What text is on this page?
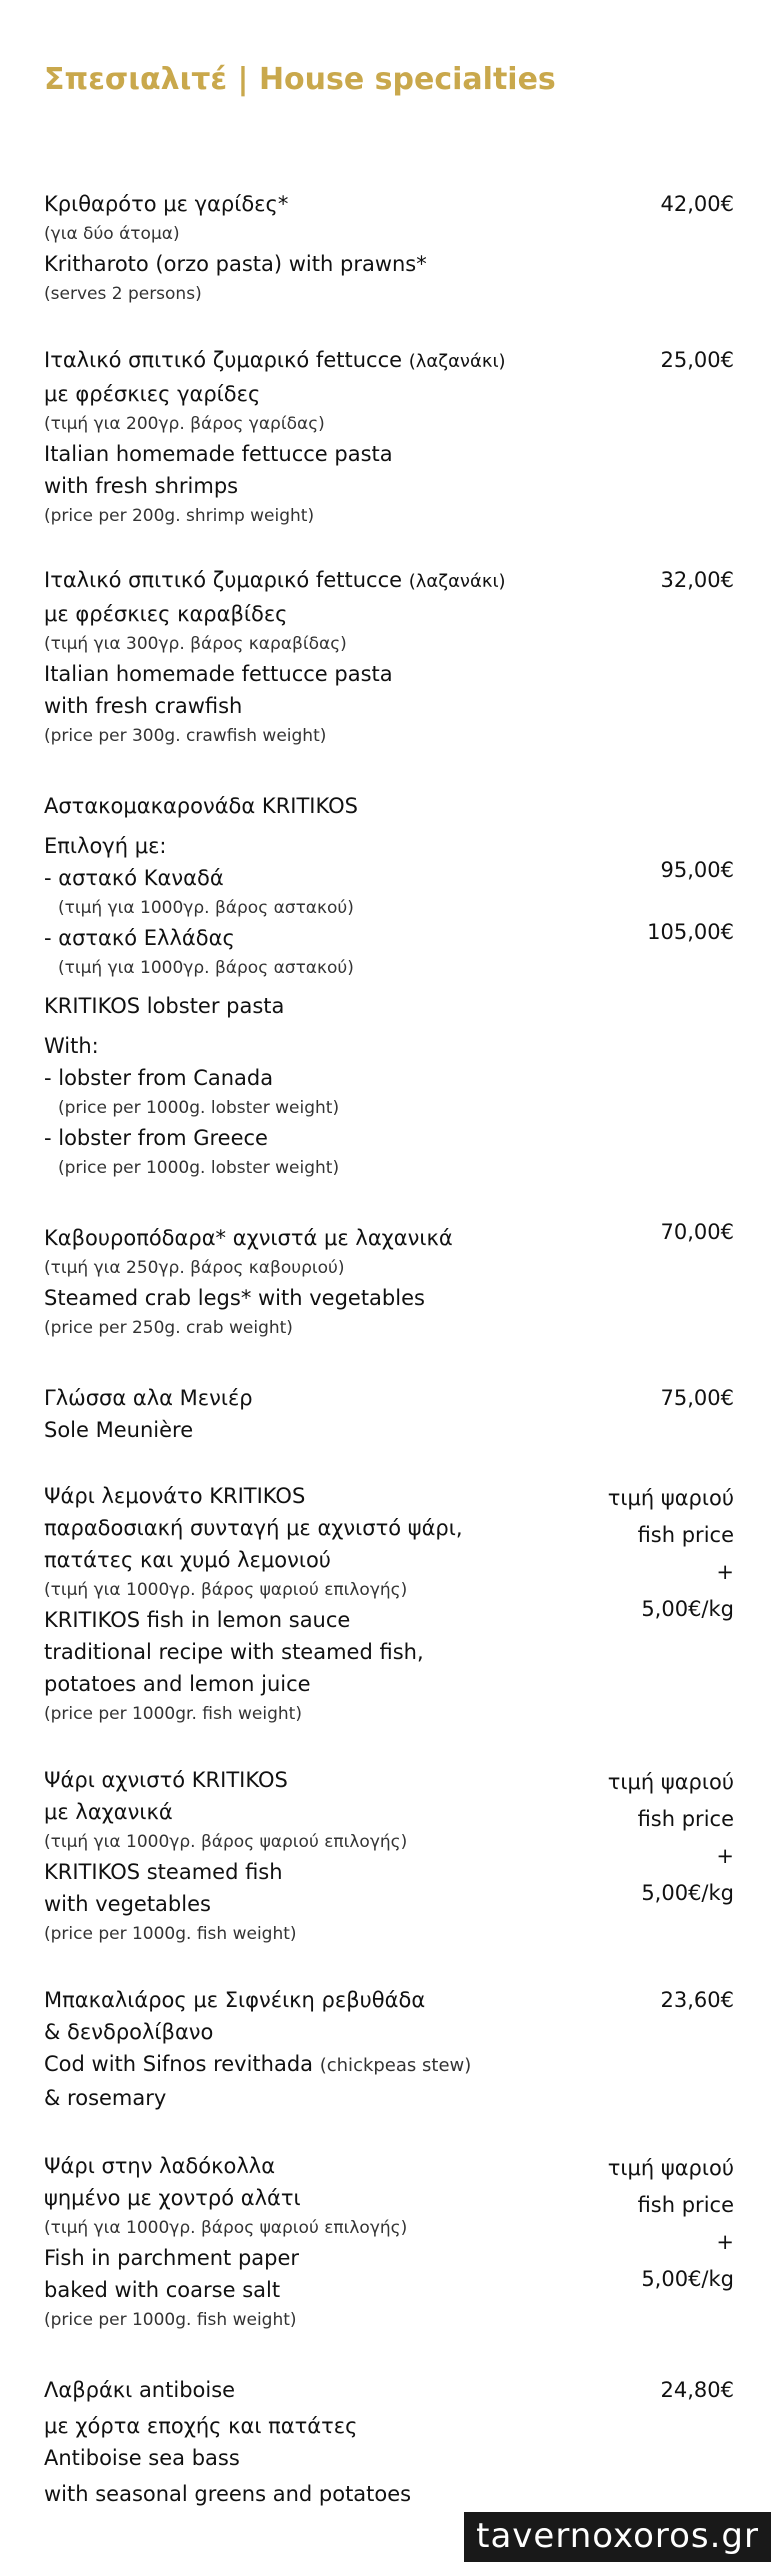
Σπεσιαλιτέ | House specialties
Κριθαρότο με γαρίδες*
(για δύο άτομα)
Kritharoto (orzo pasta) with prawns*
(serves 2 persons)
42,00€
Ιταλικό σπιτικό ζυμαρικό fettucce (λαζανάκι)
με φρέσκιες γαρίδες
(τιμή για 200γρ. βάρος γαρίδας)
Italian homemade fettucce pasta
with fresh shrimps
(price per 200g. shrimp weight)
25,00€
Ιταλικό σπιτικό ζυμαρικό fettucce (λαζανάκι)
με φρέσκιες καραβίδες
(τιμή για 300γρ. βάρος καραβίδας)
Italian homemade fettucce pasta
with fresh crawfish
(price per 300g. crawfish weight)
32,00€
Αστακομακαρονάδα KRITIKOS
Επιλογή με:
- αστακό Καναδά
(τιμή για 1000γρ. βάρος αστακού)
- αστακό Ελλάδας
(τιμή για 1000γρ. βάρος αστακού)
KRITIKOS lobster pasta
With:
- lobster from Canada
(price per 1000g. lobster weight)
- lobster from Greece
(price per 1000g. lobster weight)
95,00€
105,00€
Καβουροπόδαρα* αχνιστά με λαχανικά
(τιμή για 250γρ. βάρος καβουριού)
Steamed crab legs* with vegetables
(price per 250g. crab weight)
70,00€
Γλώσσα αλα Μενιέρ
Sole Meunière
75,00€
Ψάρι λεμονάτο KRITIKOS
παραδοσιακή συνταγή με αχνιστό ψάρι,
πατάτες και χυμό λεμονιού
(τιμή για 1000γρ. βάρος ψαριού επιλογής)
KRITIKOS fish in lemon sauce
traditional recipe with steamed fish,
potatoes and lemon juice
(price per 1000gr. fish weight)
τιμή ψαριού
fish price
+
5,00€/kg
Ψάρι αχνιστό KRITIKOS
με λαχανικά
(τιμή για 1000γρ. βάρος ψαριού επιλογής)
KRITIKOS steamed fish
with vegetables
(price per 1000g. fish weight)
τιμή ψαριού
fish price
+
5,00€/kg
Μπακαλιάρος με Σιφνέικη ρεβυθάδα
& δενδρολίβανο
Cod with Sifnos revithada (chickpeas stew)
& rosemary
23,60€
Ψάρι στην λαδόκολλα
ψημένο με χοντρό αλάτι
(τιμή για 1000γρ. βάρος ψαριού επιλογής)
Fish in parchment paper
baked with coarse salt
(price per 1000g. fish weight)
τιμή ψαριού
fish price
+
5,00€/kg
Λαβράκι antiboise
με χόρτα εποχής και πατάτες
Antiboise sea bass
with seasonal greens and potatoes
24,80€
tavernoxoros.gr
